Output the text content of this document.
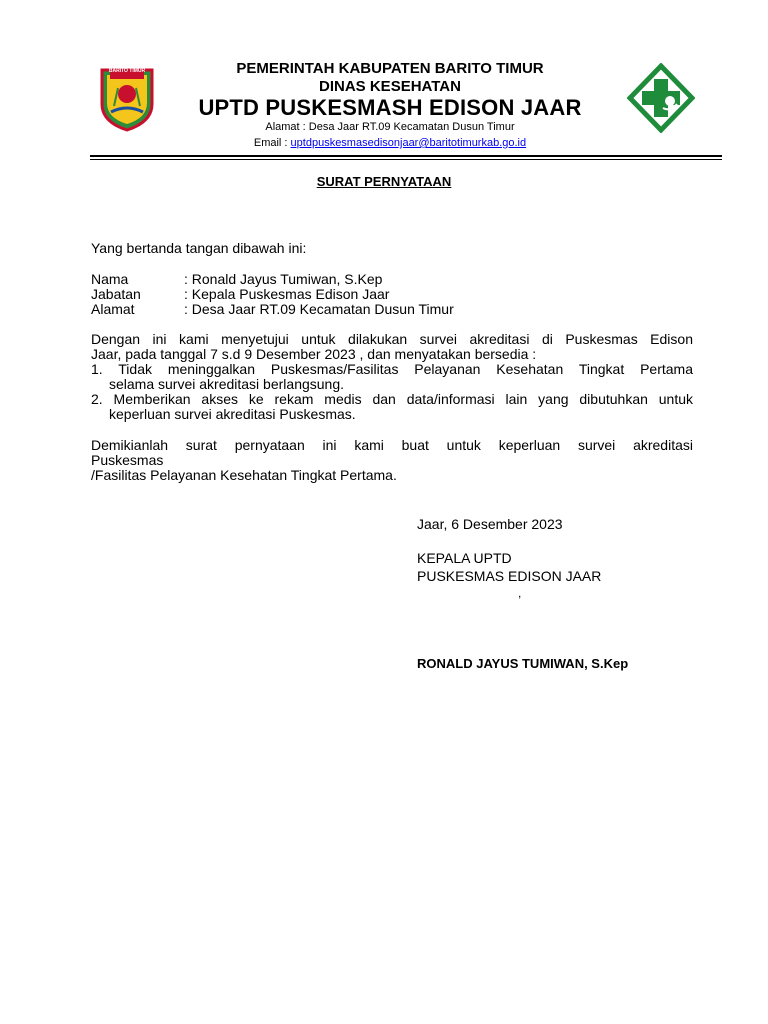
BARITO TIMUR	PEMERINTAH KABUPATEN BARITO TIMUR
DINAS KESEHATAN
UPTD PUSKESMASH EDISON JAAR
Alamat : Desa Jaar RT.09 Kecamatan Dusun Timur
Email : uptdpuskesmasedisonjaar@baritotimurkab.go.id
SURAT PERNYATAAN
Yang bertanda tangan dibawah ini:
Nama	: Ronald Jayus Tumiwan, S.Kep
Jabatan	: Kepala Puskesmas Edison Jaar
Alamat	: Desa Jaar RT.09 Kecamatan Dusun Timur
Dengan ini kami menyetujui untuk dilakukan survei akreditasi di Puskesmas Edison
Jaar, pada tanggal 7 s.d 9 Desember 2023 , dan menyatakan bersedia :
1. Tidak meninggalkan Puskesmas/Fasilitas Pelayanan Kesehatan Tingkat Pertama
selama survei akreditasi berlangsung.
2. Memberikan akses ke rekam medis dan data/informasi lain yang dibutuhkan untuk
keperluan survei akreditasi Puskesmas.
Demikianlah surat pernyataan ini kami buat untuk keperluan survei akreditasi
Puskesmas
/Fasilitas Pelayanan Kesehatan Tingkat Pertama.
Jaar, 6 Desember 2023
KEPALA UPTD
PUSKESMAS EDISON JAAR
,
RONALD JAYUS TUMIWAN, S.Kep
